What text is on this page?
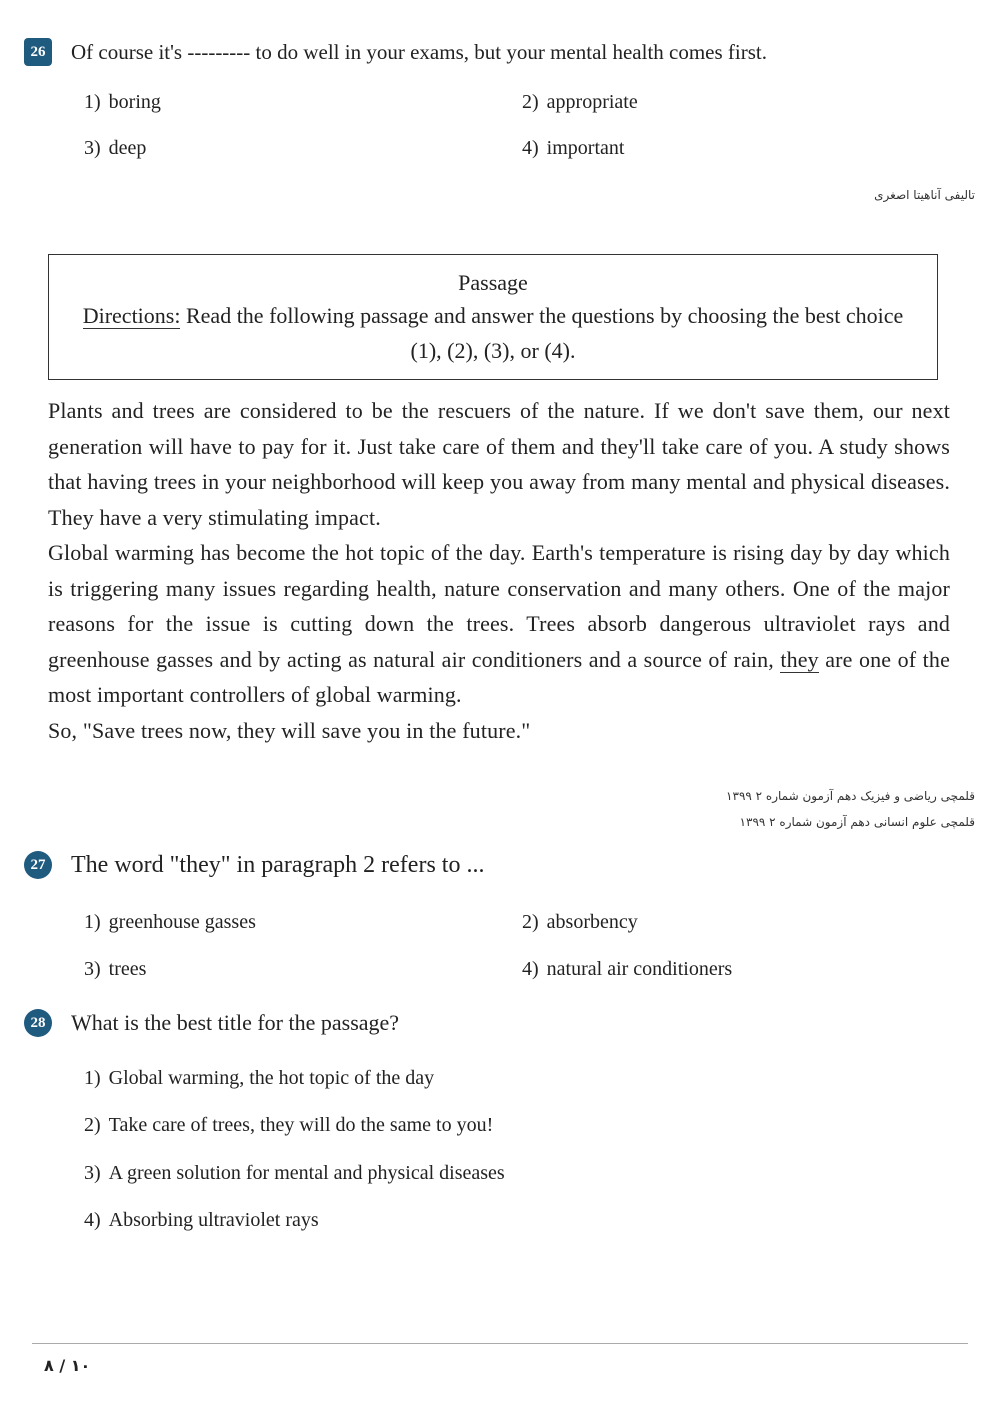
26	Of course it's --------- to do well in your exams, but your mental health comes first.
1) boring	2) appropriate
3) deep	4) important
تالیفی آناهیتا اصغری
Passage
Directions: Read the following passage and answer the questions by choosing the best choice (1), (2), (3), or (4).

Plants and trees are considered to be the rescuers of the nature. If we don't save them, our next generation will have to pay for it. Just take care of them and they'll take care of you. A study shows that having trees in your neighborhood will keep you away from many mental and physical diseases. They have a very stimulating impact.

Global warming has become the hot topic of the day. Earth's temperature is rising day by day which is triggering many issues regarding health, nature conservation and many others. One of the major reasons for the issue is cutting down the trees. Trees absorb dangerous ultraviolet rays and greenhouse gasses and by acting as natural air conditioners and a source of rain, they are one of the most important controllers of global warming.

So, "Save trees now, they will save you in the future."

قلمچی ریاضی و فیزیک دهم آزمون شماره ۲ ۱۳۹۹
قلمچی علوم انسانی دهم آزمون شماره ۲ ۱۳۹۹
27 The word "they" in paragraph 2 refers to ...
1) greenhouse gasses	2) absorbency
3) trees	4) natural air conditioners
28 What is the best title for the passage?
1) Global warming, the hot topic of the day
2) Take care of trees, they will do the same to you!
3) A green solution for mental and physical diseases
4) Absorbing ultraviolet rays
۸ / ۱۰
